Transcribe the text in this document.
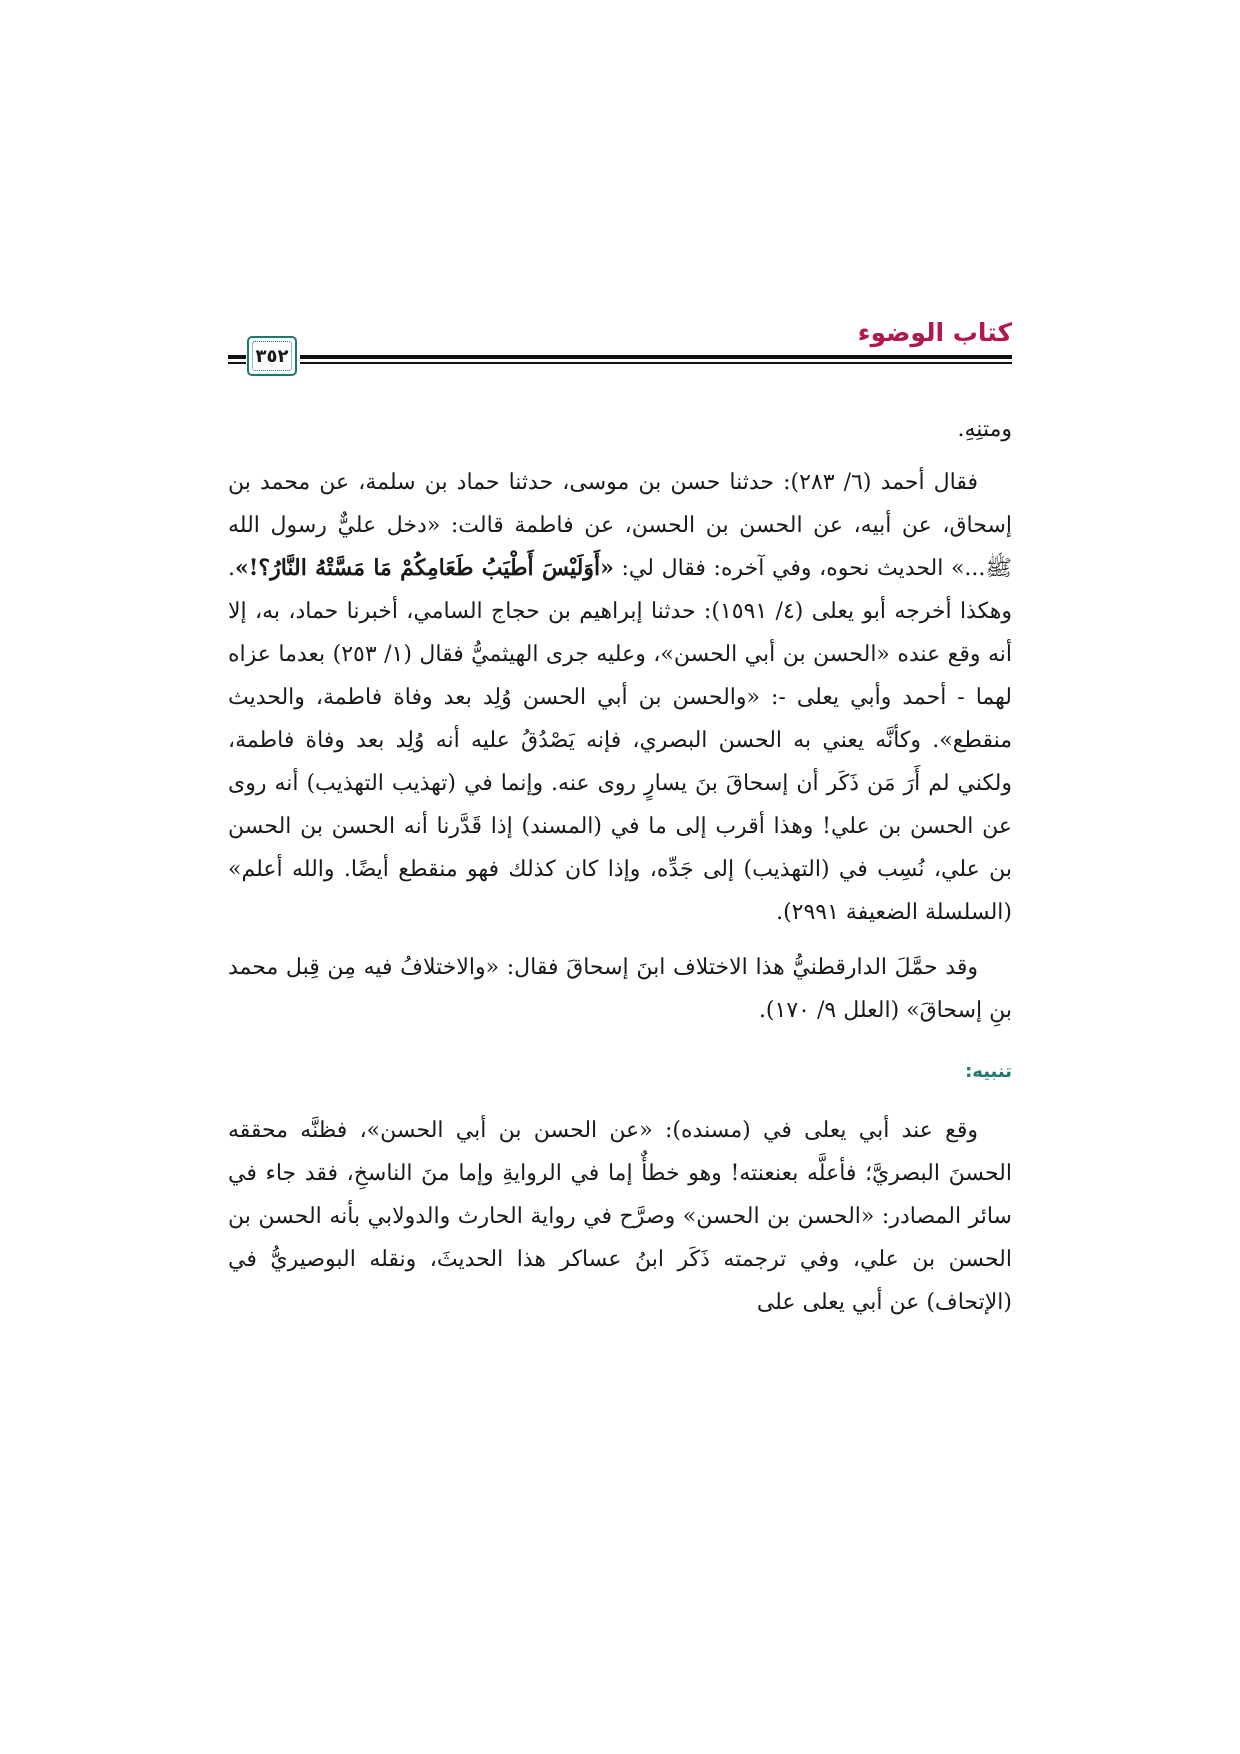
كتاب الوضوء
٣٥٢

ومتنِهِ.

فقال أحمد (٦/ ٢٨٣): حدثنا حسن بن موسى، حدثنا حماد بن سلمة، عن محمد بن إسحاق، عن أبيه، عن الحسن بن الحسن، عن فاطمة قالت: «دخل عليٌّ رسول الله ﷺ...» الحديث نحوه، وفي آخره: فقال لي: «أَوَلَيْسَ أَطْيَبُ طَعَامِكُمْ مَا مَسَّتْهُ النَّارُ؟!». وهكذا أخرجه أبو يعلى (٤/ ١٥٩١): حدثنا إبراهيم بن حجاج السامي، أخبرنا حماد، به، إلا أنه وقع عنده «الحسن بن أبي الحسن»، وعليه جرى الهيثميُّ فقال (١/ ٢٥٣) بعدما عزاه لهما - أحمد وأبي يعلى -: «والحسن بن أبي الحسن وُلِد بعد وفاة فاطمة، والحديث منقطع». وكأنَّه يعني به الحسن البصري، فإنه يَصْدُقُ عليه أنه وُلِد بعد وفاة فاطمة، ولكني لم أَرَ مَن ذَكَر أن إسحاقَ بنَ يسارٍ روى عنه. وإنما في (تهذيب التهذيب) أنه روى عن الحسن بن علي! وهذا أقرب إلى ما في (المسند) إذا قَدَّرنا أنه الحسن بن الحسن بن علي، نُسِب في (التهذيب) إلى جَدِّه، وإذا كان كذلك فهو منقطع أيضًا. والله أعلم» (السلسلة الضعيفة ٢٩٩١).

وقد حمَّلَ الدارقطنيُّ هذا الاختلاف ابنَ إسحاقَ فقال: «والاختلافُ فيه مِن قِبل محمد بنِ إسحاقَ» (العلل ٩/ ١٧٠).

تنبيه:

وقع عند أبي يعلى في (مسنده): «عن الحسن بن أبي الحسن»، فظنَّه محققه الحسنَ البصريَّ؛ فأعلَّه بعنعنته! وهو خطأٌ إما في الروايةِ وإما منَ الناسخِ، فقد جاء في سائر المصادر: «الحسن بن الحسن» وصرَّح في رواية الحارث والدولابي بأنه الحسن بن الحسن بن علي، وفي ترجمته ذَكَر ابنُ عساكر هذا الحديثَ، ونقله البوصيريُّ في (الإتحاف) عن أبي يعلى على
